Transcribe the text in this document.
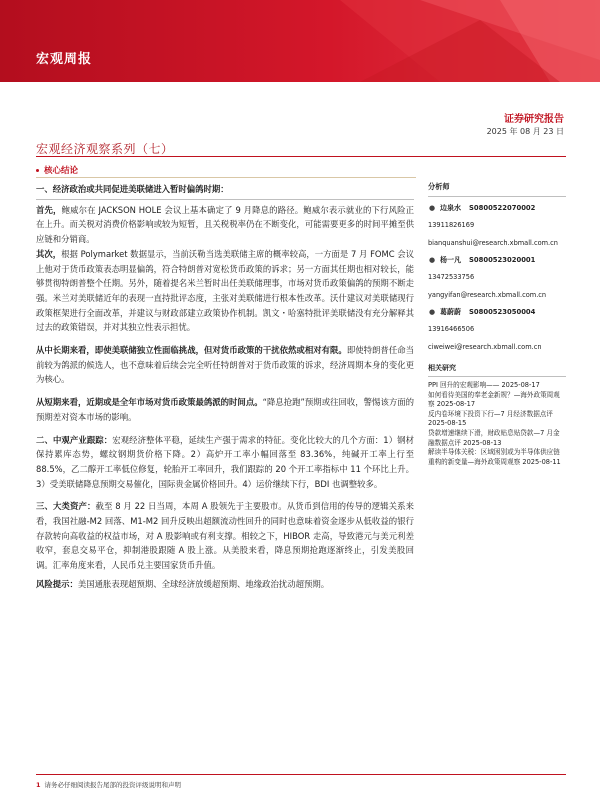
宏观周报
证券研究报告
2025 年 08 月 23 日
宏观经济观察系列（七）
核心结论

一、经济政治或共同促进美联储进入暂时偏鸽时期：

首先，鲍威尔在 JACKSON HOLE 会议上基本确定了 9 月降息的路径。鲍威尔表示就业的下行风险正在上升。而关税对消费价格影响或较为短暂，且关税税率仍在不断变化，可能需要更多的时间平摊至供应链和分销商。

其次，根据 Polymarket 数据显示，当前沃勒当选美联储主席的概率较高，一方面是 7 月 FOMC 会议上他对于货币政策表态明显偏鸽，符合特朗普对宽松货币政策的诉求；另一方面其任期也相对较长，能够贯彻特朗普整个任期。另外，随着提名米兰暂时出任美联储理事，市场对货币政策偏鸽的预期不断走强。米兰对美联储近年的表现一直持批评态度，主张对美联储进行根本性改革。沃什建议对美联储现行政策框架进行全面改革，并建议与财政部建立政策协作机制。凯文・哈塞特批评美联储没有充分解释其过去的政策错误，并对其独立性表示担忧。

从中长期来看，即使美联储独立性面临挑战，但对货币政策的干扰依然或相对有限。即使特朗普任命当前较为鸽派的候选人，也不意味着后续会完全听任特朗普对于货币政策的诉求，经济周期本身的变化更为核心。

从短期来看，近期或是全年市场对货币政策最鸽派的时间点。“降息抢跑”预期或往回收，警惕该方面的预期差对资本市场的影响。

二、中观产业跟踪：宏观经济整体平稳，延续生产强于需求的特征。变化比较大的几个方面：1）钢材保持累库态势，螺纹钢期货价格下降。2）高炉开工率小幅回落至 83.36%，纯碱开工率上行至 88.5%，乙二醇开工率低位修复，轮胎开工率回升，我们跟踪的 20 个开工率指标中 11 个环比上升。3）受美联储降息预期交易催化，国际贵金属价格回升。4）运价继续下行，BDI 也调整较多。

三、大类资产：截至 8 月 22 日当周，本周 A 股领先于主要股市。从货币到信用的传导的逻辑关系来看，我国社融-M2 回落、M1-M2 回升反映出超额流动性回升的同时也意味着资金逐步从低收益的银行存款转向高收益的权益市场，对 A 股影响或有利支撑。相较之下，HIBOR 走高，导致港元与美元利差收窄，套息交易平仓，抑制港股跟随 A 股上涨。从美股来看，降息预期抢跑逐渐终止，引发美股回调。汇率角度来看，人民币兑主要国家货币升值。

风险提示：美国通胀表现超预期、全球经济放缓超预期、地缘政治扰动超预期。

分析师
● 边泉水 S0800522070002
13911826169
bianquanshui@research.xbmall.com.cn
● 杨一凡 S0800523020001
13472533756
yangyifan@research.xbmall.com.cn
● 葛蔚蔚 S0800523050004
13916466506
ciweiwei@research.xbmall.com.cn
相关研究
PPI 回升的宏观影响—— 2025-08-17
如何看待美国的奉老金新规？—海外政策周观察 2025-08-17
反内卷环境下投资下行—7 月经济数据点评 2025-08-15
贷款增速继续下滑，财政贴息贴贷款—7 月金融数据点评 2025-08-13
解读半导体关税：区域困别或为半导体供应链重构的新变量—海外政策周观察 2025-08-11
1 请务必仔细阅读报告尾部的投资评级说明和声明
